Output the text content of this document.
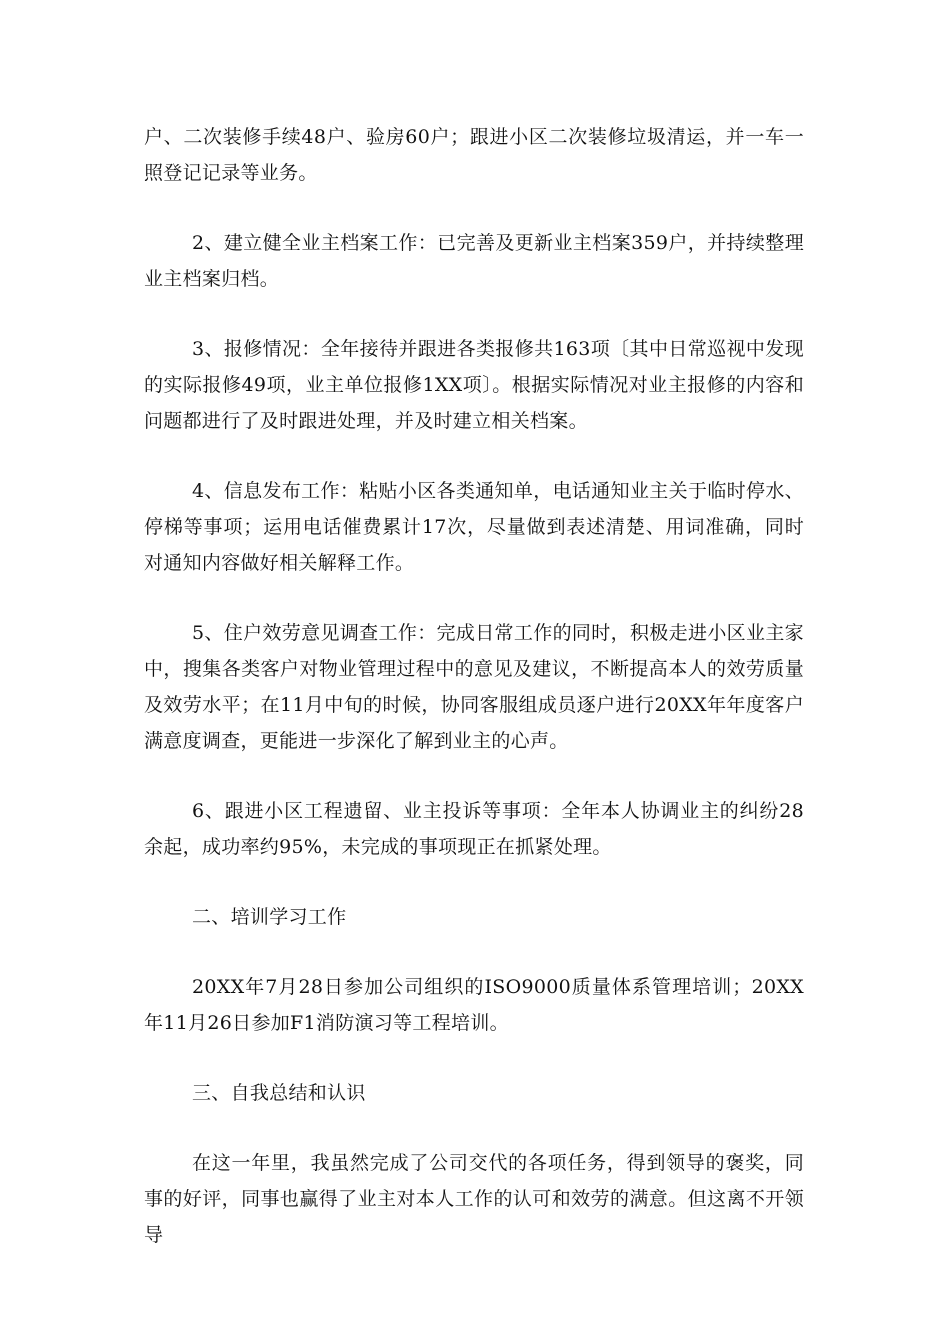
户、二次装修手续48户、验房60户；跟进小区二次装修垃圾清运，并一车一照登记记录等业务。

2、建立健全业主档案工作：已完善及更新业主档案359户，并持续整理业主档案归档。

3、报修情况：全年接待并跟进各类报修共163项〔其中日常巡视中发现的实际报修49项，业主单位报修1XX项〕。根据实际情况对业主报修的内容和问题都进行了及时跟进处理，并及时建立相关档案。

4、信息发布工作：粘贴小区各类通知单，电话通知业主关于临时停水、停梯等事项；运用电话催费累计17次，尽量做到表述清楚、用词准确，同时对通知内容做好相关解释工作。

5、住户效劳意见调查工作：完成日常工作的同时，积极走进小区业主家中，搜集各类客户对物业管理过程中的意见及建议，不断提高本人的效劳质量及效劳水平；在11月中旬的时候，协同客服组成员逐户进行20XX年年度客户满意度调查，更能进一步深化了解到业主的心声。

6、跟进小区工程遗留、业主投诉等事项：全年本人协调业主的纠纷28余起，成功率约95%，未完成的事项现正在抓紧处理。

二、培训学习工作

20XX年7月28日参加公司组织的ISO9000质量体系管理培训；20XX年11月26日参加F1消防演习等工程培训。

三、自我总结和认识

在这一年里，我虽然完成了公司交代的各项任务，得到领导的褒奖，同事的好评，同事也赢得了业主对本人工作的认可和效劳的满意。但这离不开领导
